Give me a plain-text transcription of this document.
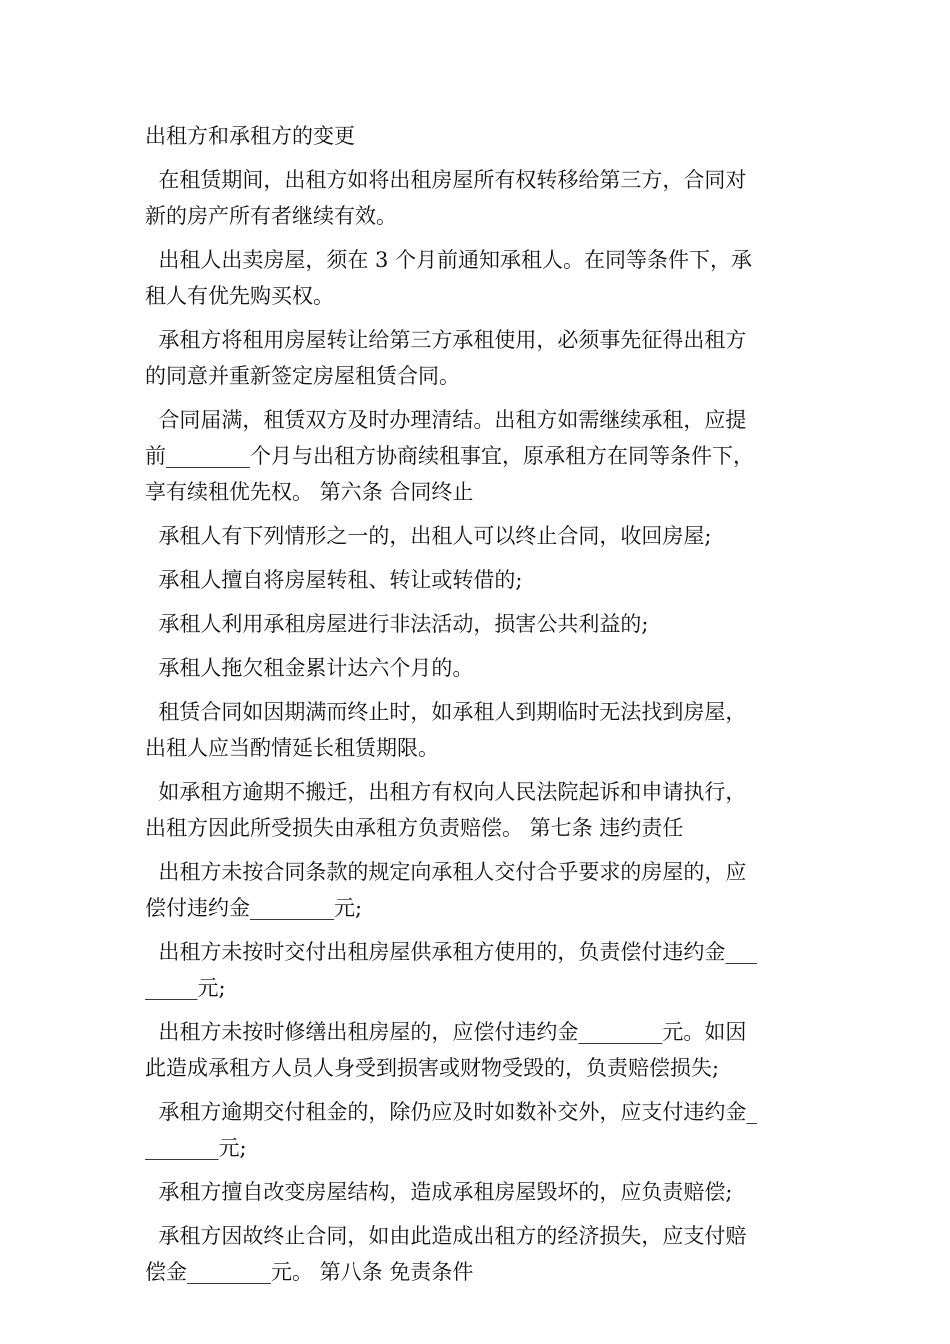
出租方和承租方的变更
在租赁期间，出租方如将出租房屋所有权转移给第三方，合同对
新的房产所有者继续有效。
出租人出卖房屋，须在 3 个月前通知承租人。在同等条件下，承
租人有优先购买权。
承租方将租用房屋转让给第三方承租使用，必须事先征得出租方
的同意并重新签定房屋租赁合同。
合同届满，租赁双方及时办理清结。出租方如需继续承租，应提
前________个月与出租方协商续租事宜，原承租方在同等条件下，
享有续租优先权。 第六条 合同终止
承租人有下列情形之一的，出租人可以终止合同，收回房屋;
承租人擅自将房屋转租、转让或转借的;
承租人利用承租房屋进行非法活动，损害公共利益的;
承租人拖欠租金累计达六个月的。
租赁合同如因期满而终止时，如承租人到期临时无法找到房屋，
出租人应当酌情延长租赁期限。
如承租方逾期不搬迁，出租方有权向人民法院起诉和申请执行，
出租方因此所受损失由承租方负责赔偿。 第七条 违约责任
出租方未按合同条款的规定向承租人交付合乎要求的房屋的，应
偿付违约金________元;
出租方未按时交付出租房屋供承租方使用的，负责偿付违约金___
_____元;
出租方未按时修缮出租房屋的，应偿付违约金________元。如因
此造成承租方人员人身受到损害或财物受毁的，负责赔偿损失;
承租方逾期交付租金的，除仍应及时如数补交外，应支付违约金_
_______元;
承租方擅自改变房屋结构，造成承租房屋毁坏的，应负责赔偿;
承租方因故终止合同，如由此造成出租方的经济损失，应支付赔
偿金________元。 第八条 免责条件
